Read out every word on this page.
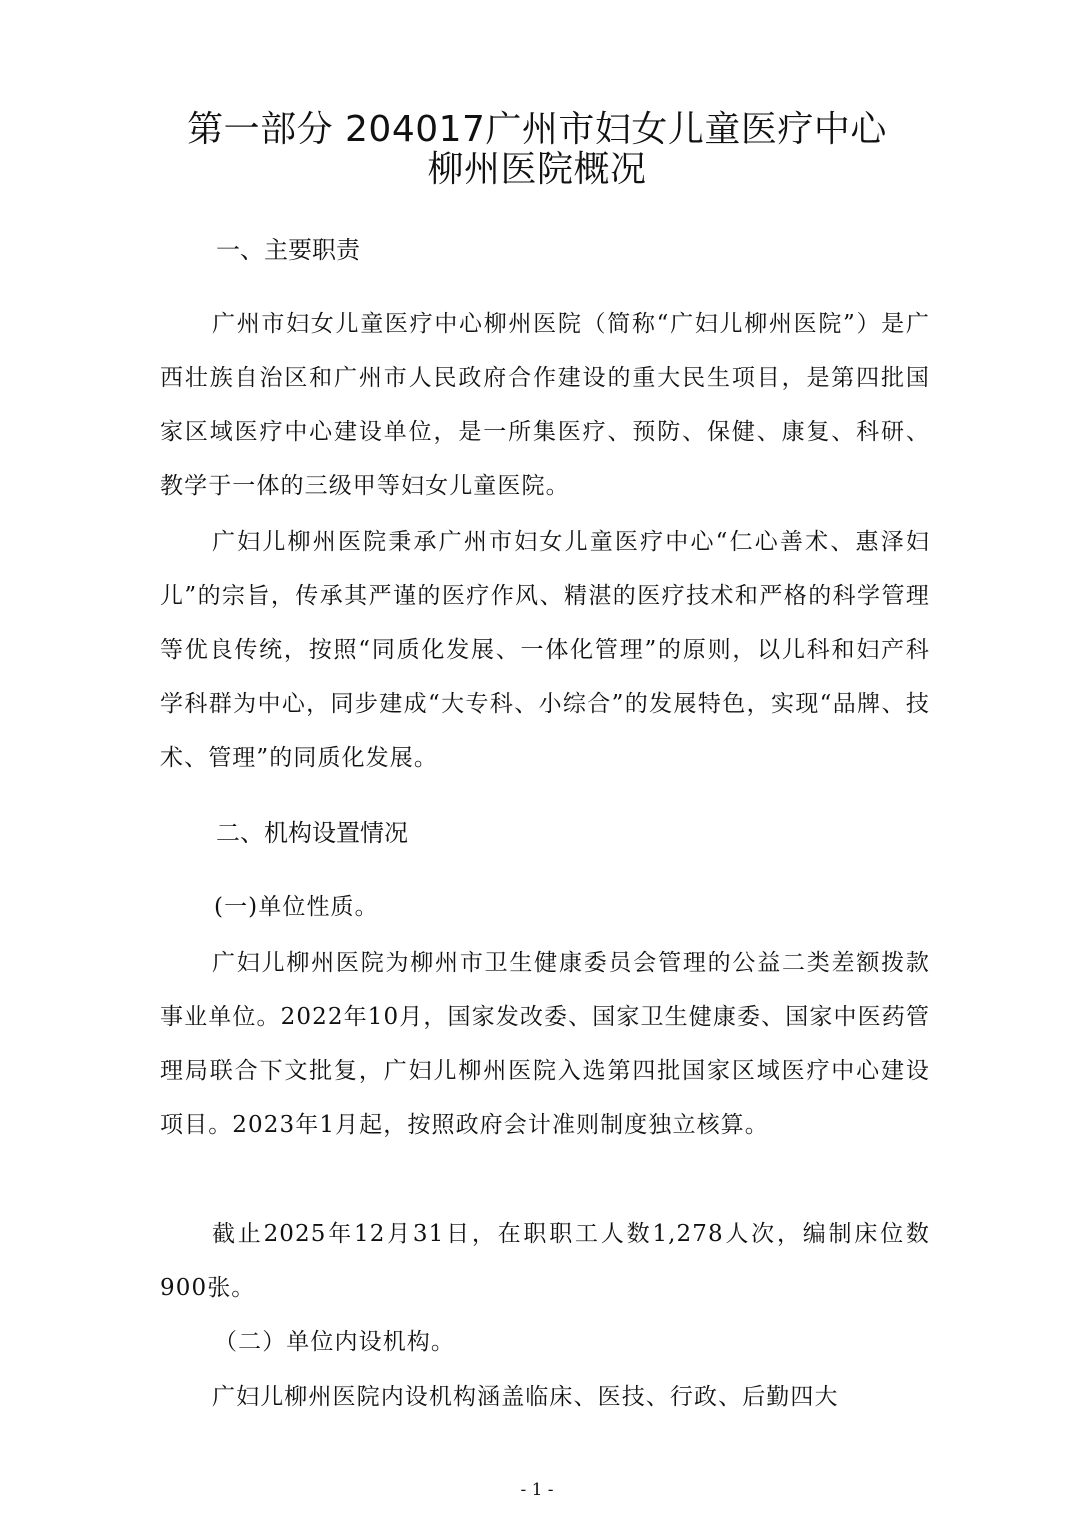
第一部分 204017广州市妇女儿童医疗中心
柳州医院概况
一、主要职责

广州市妇女儿童医疗中心柳州医院（简称“广妇儿柳州医院”）是广西壮族自治区和广州市人民政府合作建设的重大民生项目，是第四批国家区域医疗中心建设单位，是一所集医疗、预防、保健、康复、科研、教学于一体的三级甲等妇女儿童医院。

广妇儿柳州医院秉承广州市妇女儿童医疗中心“仁心善术、惠泽妇儿”的宗旨，传承其严谨的医疗作风、精湛的医疗技术和严格的科学管理等优良传统，按照“同质化发展、一体化管理”的原则，以儿科和妇产科学科群为中心，同步建成“大专科、小综合”的发展特色，实现“品牌、技术、管理”的同质化发展。

二、机构设置情况
(一)单位性质。

广妇儿柳州医院为柳州市卫生健康委员会管理的公益二类差额拨款事业单位。2022年10月，国家发改委、国家卫生健康委、国家中医药管理局联合下文批复，广妇儿柳州医院入选第四批国家区域医疗中心建设项目。2023年1月起，按照政府会计准则制度独立核算。

截止2025年12月31日，在职职工人数1,278人次，编制床位数900张。

（二）单位内设机构。

广妇儿柳州医院内设机构涵盖临床、医技、行政、后勤四大

- 1 -
